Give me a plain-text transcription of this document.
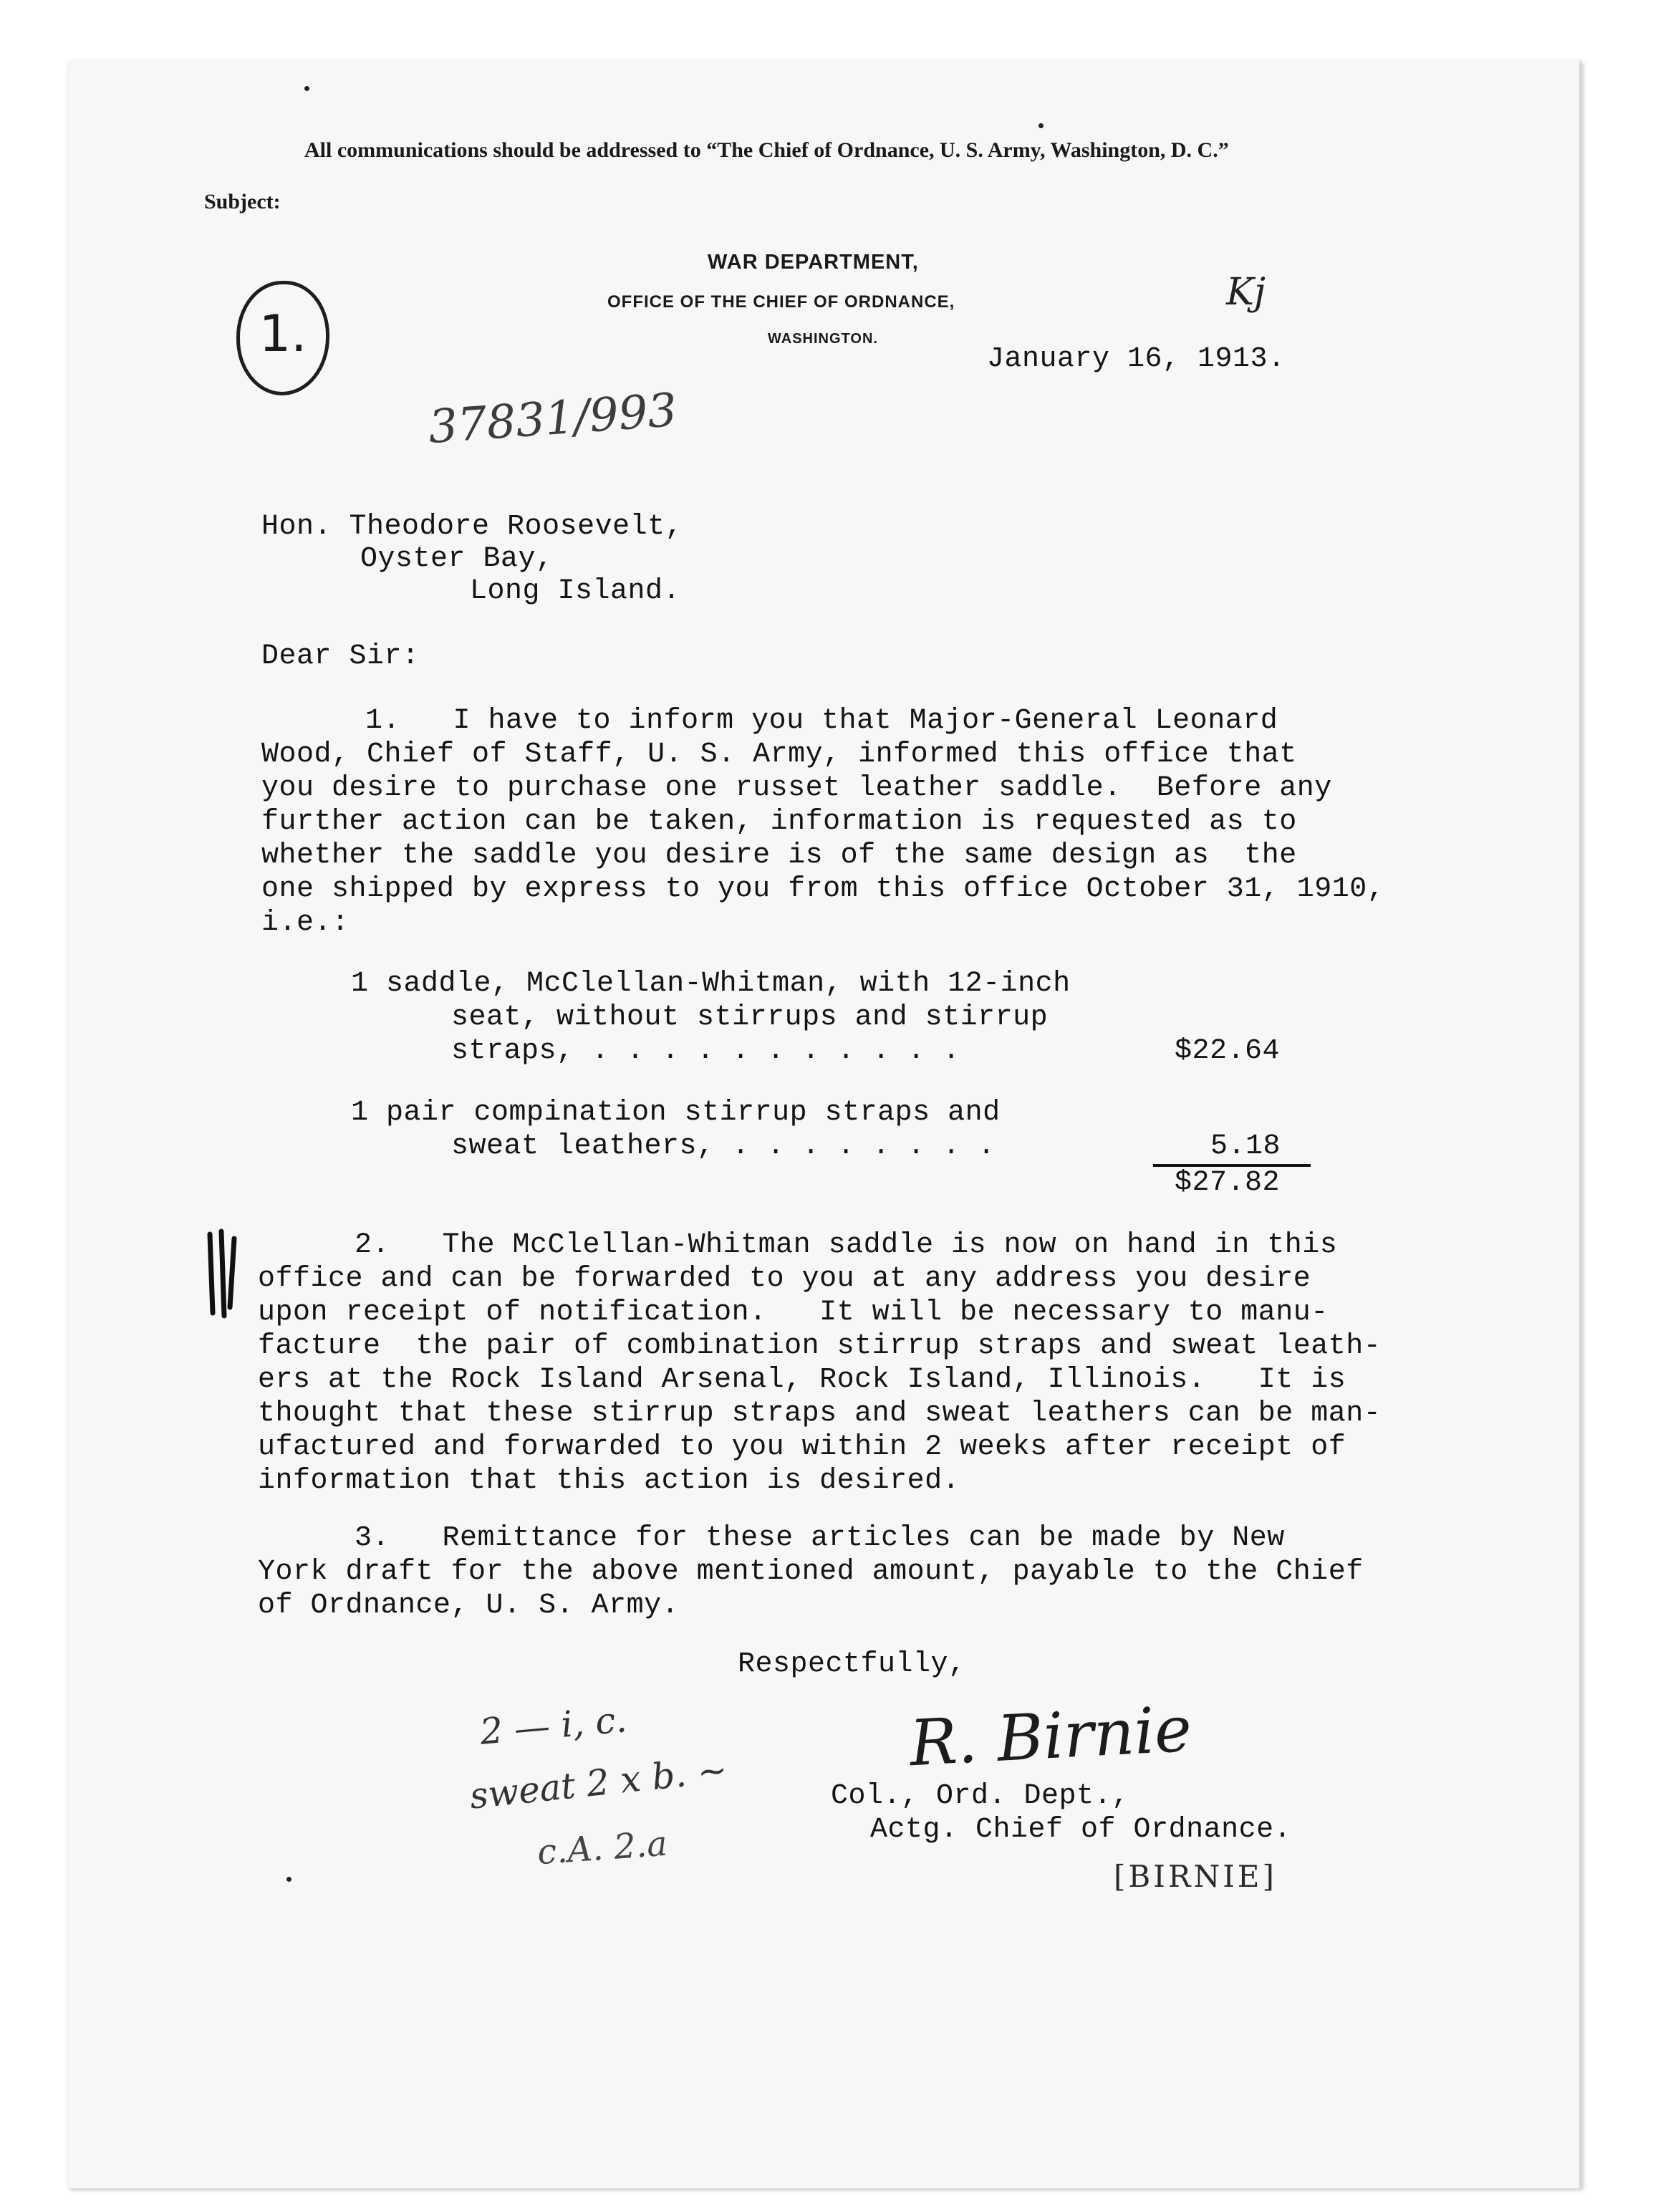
All communications should be addressed to “The Chief of Ordnance, U. S. Army, Washington, D. C.”
Subject:
WAR DEPARTMENT,
OFFICE OF THE CHIEF OF ORDNANCE,
WASHINGTON.
1.
37831/993
Kj
January 16, 1913.
Hon. Theodore Roosevelt,
Oyster Bay,
Long Island.
Dear Sir:
1.   I have to inform you that Major-General Leonard
Wood, Chief of Staff, U. S. Army, informed this office that
you desire to purchase one russet leather saddle.  Before any
further action can be taken, information is requested as to
whether the saddle you desire is of the same design as  the
one shipped by express to you from this office October 31, 1910,
i.e.:
1 saddle, McClellan-Whitman, with 12-inch
seat, without stirrups and stirrup
straps, . . . . . . . . . . .	$22.64
1 pair compination stirrup straps and
sweat leathers, . . . . . . . .	5.18
$27.82
2.   The McClellan-Whitman saddle is now on hand in this
office and can be forwarded to you at any address you desire
upon receipt of notification.   It will be necessary to manu-
facture  the pair of combination stirrup straps and sweat leath-
ers at the Rock Island Arsenal, Rock Island, Illinois.   It is
thought that these stirrup straps and sweat leathers can be man-
ufactured and forwarded to you within 2 weeks after receipt of
information that this action is desired.
3.   Remittance for these articles can be made by New
York draft for the above mentioned amount, payable to the Chief
of Ordnance, U. S. Army.
Respectfully,
R. Birnie
2 — i, c.
sweat 2 x b. ~
c.A. 2.a
Col., Ord. Dept.,
Actg. Chief of Ordnance.
[BIRNIE]
